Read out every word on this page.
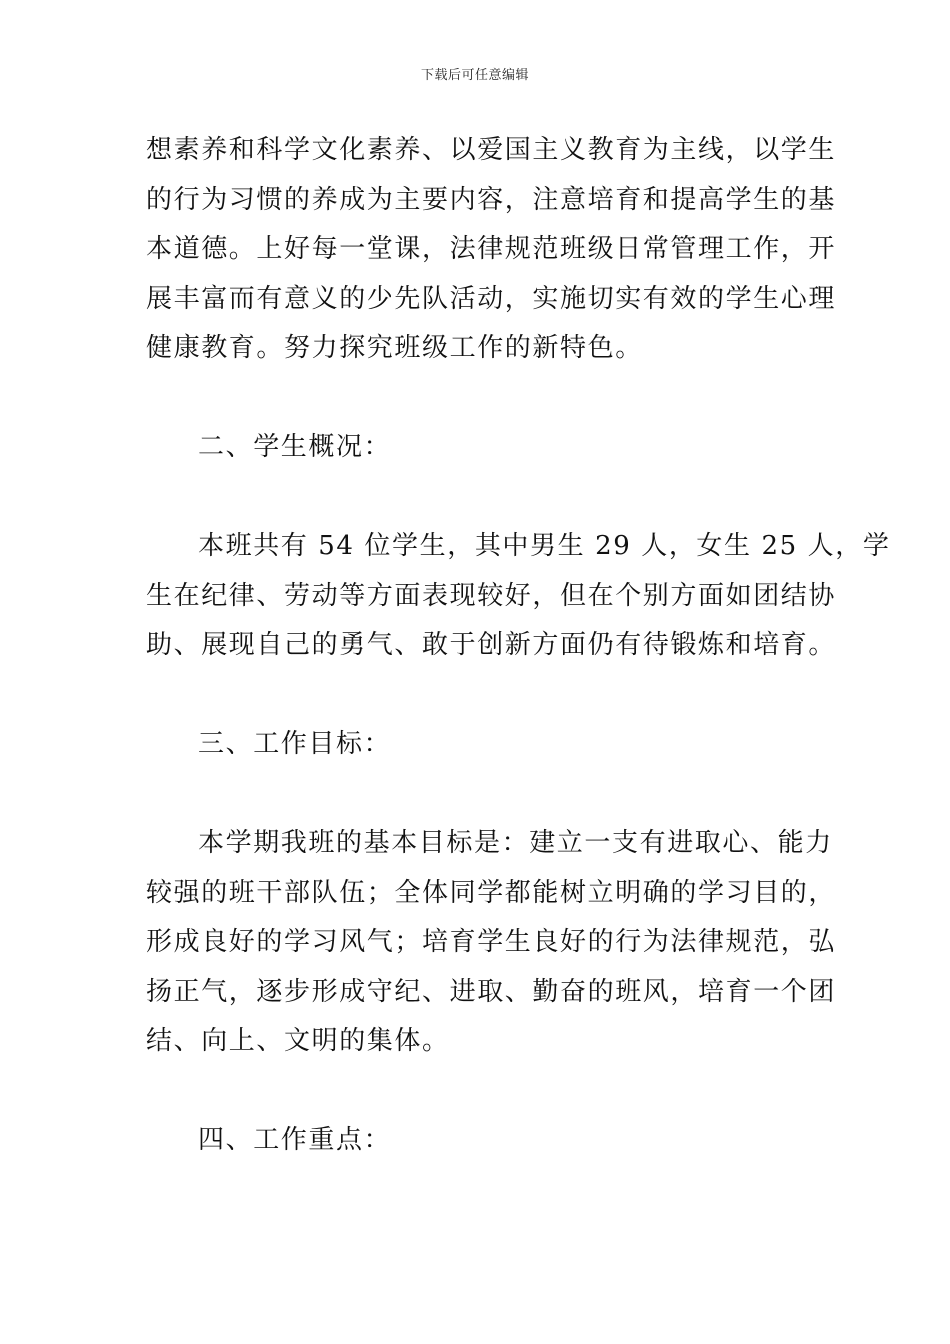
下载后可任意编辑

想素养和科学文化素养、以爱国主义教育为主线，以学生
的行为习惯的养成为主要内容，注意培育和提高学生的基
本道德。上好每一堂课，法律规范班级日常管理工作，开
展丰富而有意义的少先队活动，实施切实有效的学生心理
健康教育。努力探究班级工作的新特色。

二、学生概况：

本班共有 54 位学生，其中男生 29 人，女生 25 人，学
生在纪律、劳动等方面表现较好，但在个别方面如团结协
助、展现自己的勇气、敢于创新方面仍有待锻炼和培育。

三、工作目标：

本学期我班的基本目标是：建立一支有进取心、能力
较强的班干部队伍；全体同学都能树立明确的学习目的，
形成良好的学习风气；培育学生良好的行为法律规范，弘
扬正气，逐步形成守纪、进取、勤奋的班风，培育一个团
结、向上、文明的集体。

四、工作重点：
